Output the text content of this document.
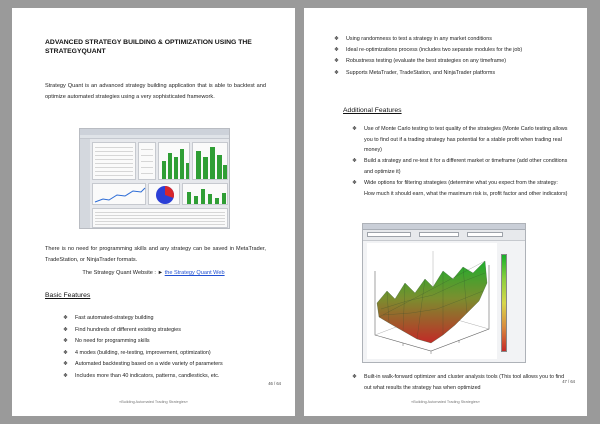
ADVANCED STRATEGY BUILDING & OPTIMIZATION USING THE STRATEGYQUANT
Strategy Quant is an advanced strategy building application that is able to backtest and optimize automated strategies using a very sophisticated framework.
There is no need for programming skills and any strategy can be saved in MetaTrader, TradeStation, or NinjaTrader formats.
The Strategy Quant Website : ► the Strategy Quant Web
Basic Features
❖ Fast automated-strategy building
❖ Find hundreds of different existing strategies
❖ No need for programming skills
❖ 4 modes (building, re-testing, improvement, optimization)
❖ Automated backtesting based on a wide variety of parameters
❖ Includes more than 40 indicators, patterns, candlesticks, etc.
46 / 64
«Building Automated Trading Strategies»
❖ Using randomness to test a strategy in any market conditions
❖ Ideal re-optimizations process (includes two separate modules for the job)
❖ Robustness testing (evaluate the best strategies on any timeframe)
❖ Supports MetaTrader, TradeStation, and NinjaTrader platforms
Additional Features
❖ Use of Monte Carlo testing to test quality of the strategies (Monte Carlo testing allows you to find out if a trading strategy has potential for a stable profit when trading real money)
❖ Build a strategy and re-test it for a different market or timeframe (add other conditions and optimize it)
❖ Wide options for filtering strategies (determine what you expect from the strategy: How much it should earn, what the maximum risk is, profit factor and other indicators)
❖ Built-in walk-forward optimizer and cluster analysis tools (This tool allows you to find out what results the strategy has when optimized
47 / 64
«Building Automated Trading Strategies»
